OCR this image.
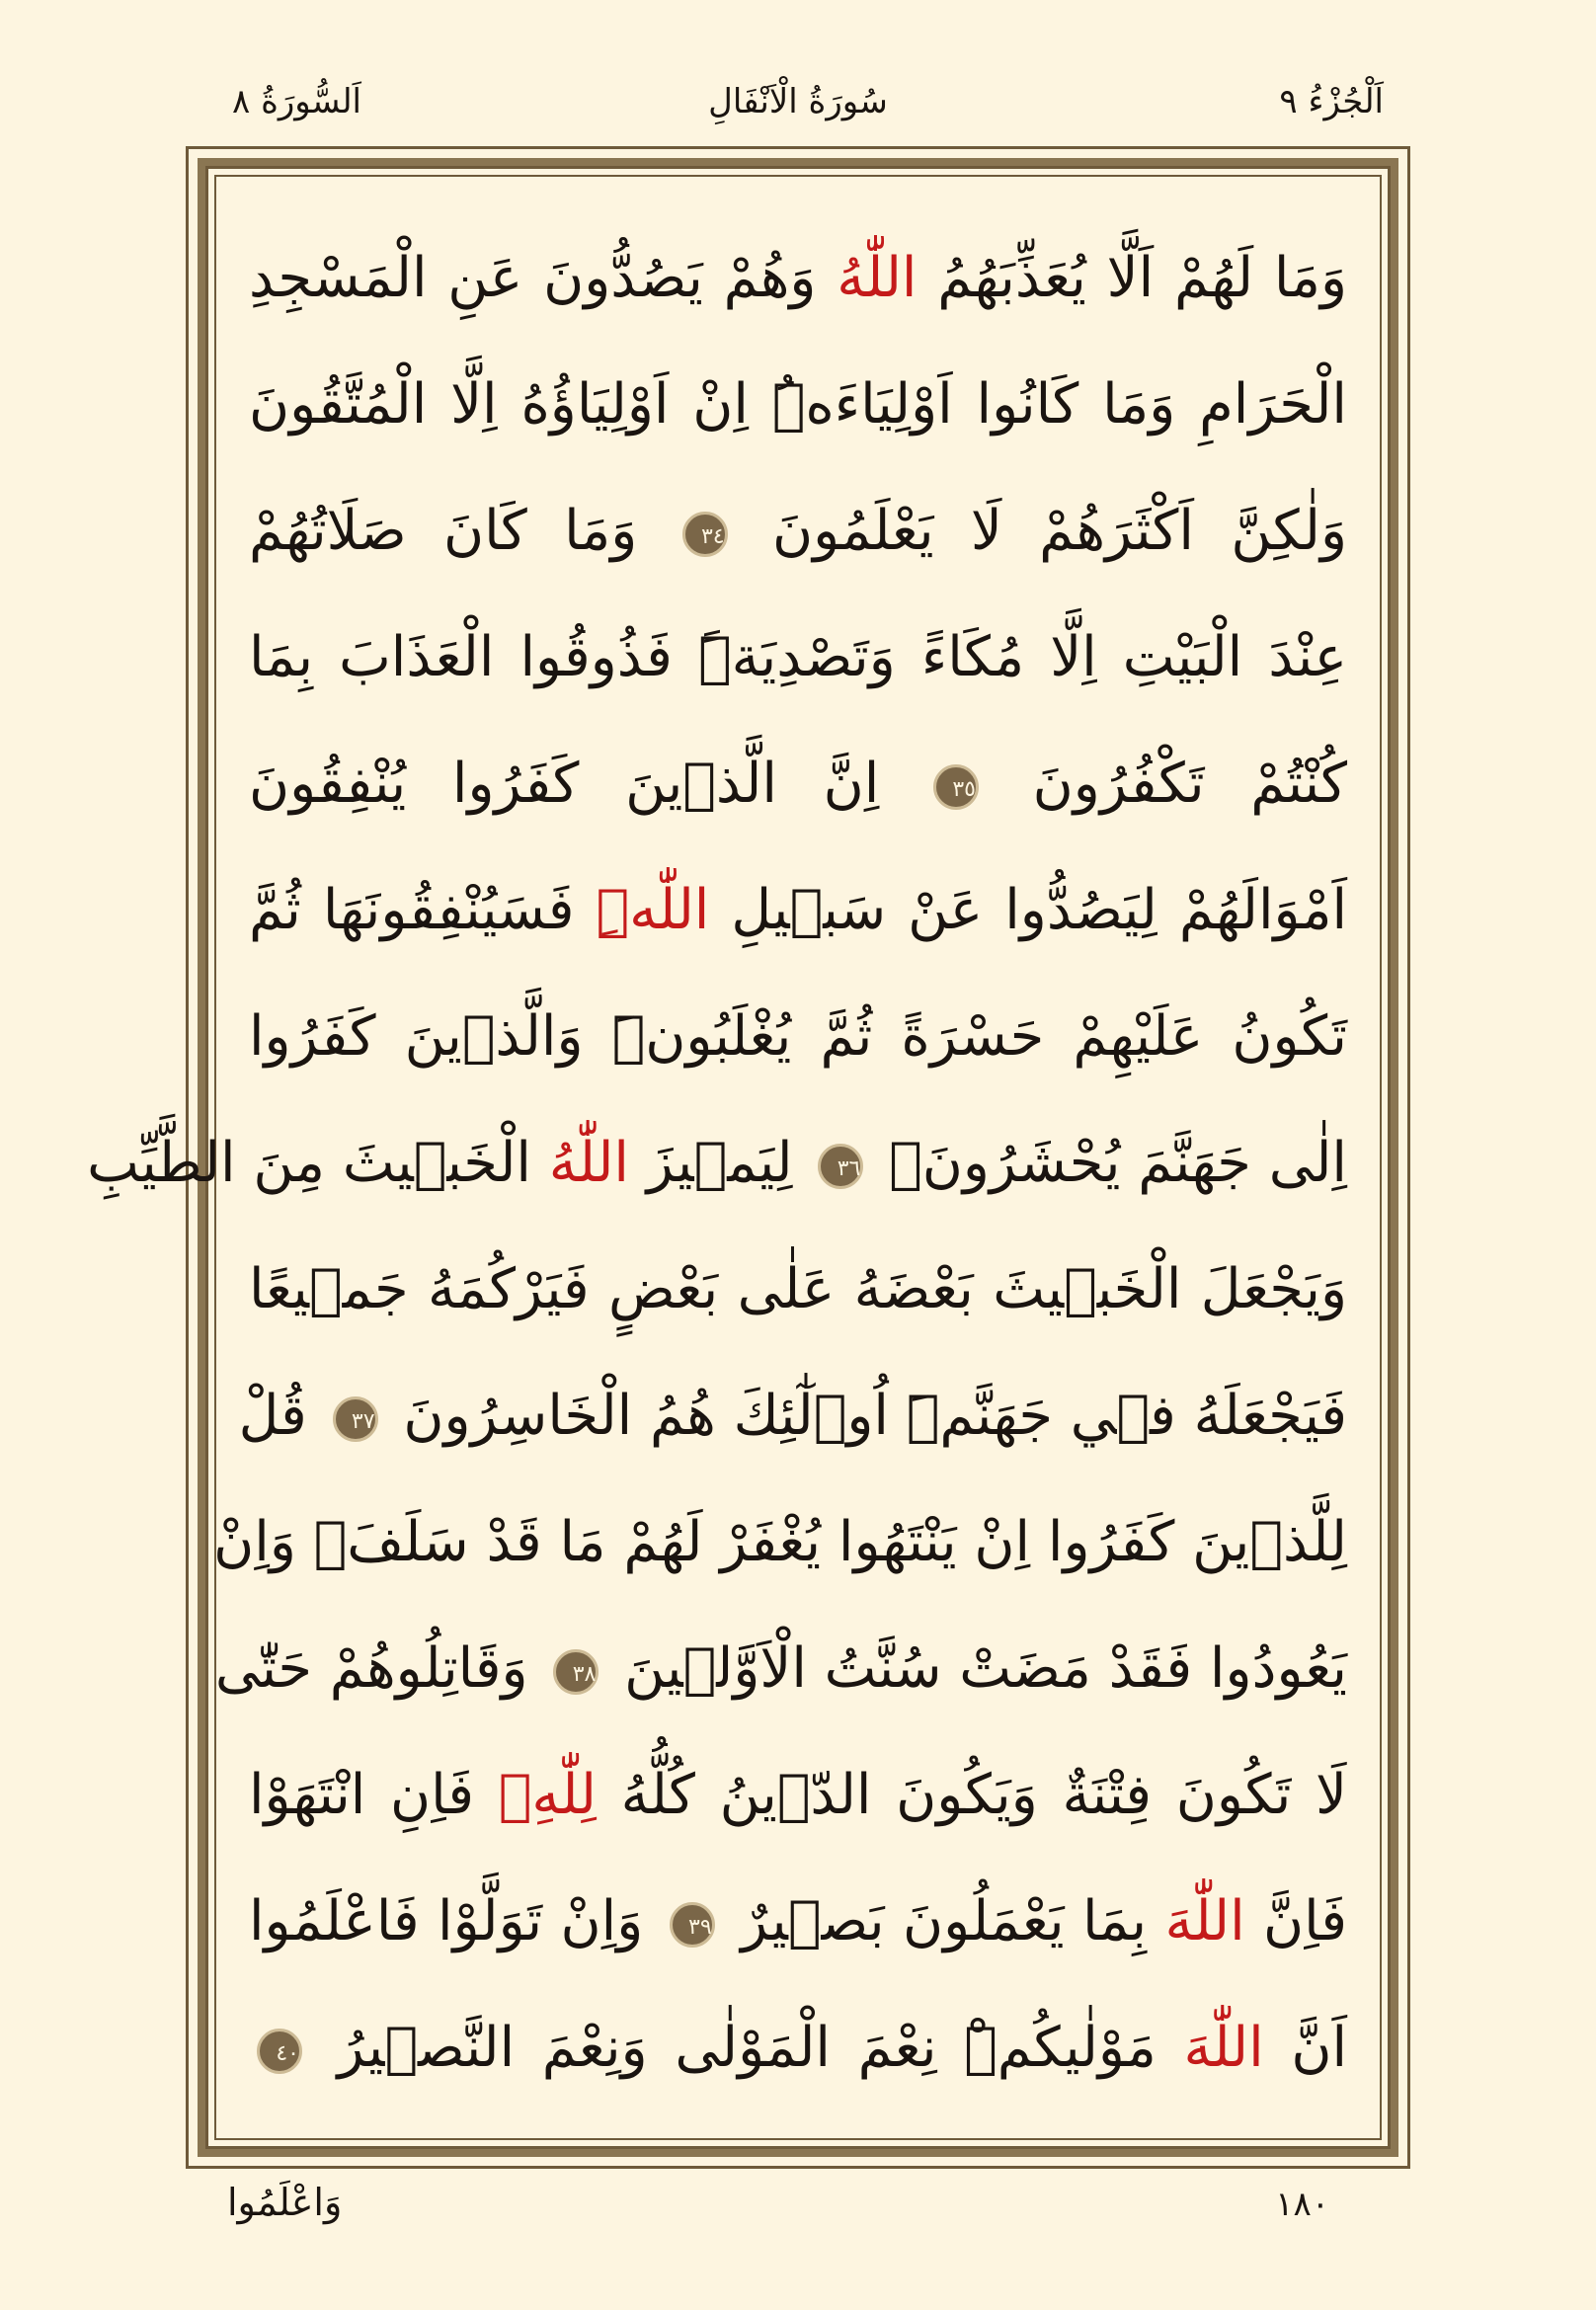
اَلْجُزْءُ ٩
سُورَةُ الْاَنْفَالِ
اَلسُّورَةُ ٨
وَمَا لَهُمْ اَلَّا يُعَذِّبَهُمُ اللّٰهُ وَهُمْ يَصُدُّونَ عَنِ الْمَسْجِدِ
الْحَرَامِ وَمَا كَانُوا اَوْلِيَاءَهُۜ اِنْ اَوْلِيَاؤُهُ اِلَّا الْمُتَّقُونَ
وَلٰكِنَّ اَكْثَرَهُمْ لَا يَعْلَمُونَ ٣٤ وَمَا كَانَ صَلَاتُهُمْ
عِنْدَ الْبَيْتِ اِلَّا مُكَاءً وَتَصْدِيَةًۜ فَذُوقُوا الْعَذَابَ بِمَا
كُنْتُمْ تَكْفُرُونَ ٣٥ اِنَّ الَّذ۪ينَ كَفَرُوا يُنْفِقُونَ
اَمْوَالَهُمْ لِيَصُدُّوا عَنْ سَب۪يلِ اللّٰهِۜ فَسَيُنْفِقُونَهَا ثُمَّ
تَكُونُ عَلَيْهِمْ حَسْرَةً ثُمَّ يُغْلَبُونَۜ وَالَّذ۪ينَ كَفَرُوا
اِلٰى جَهَنَّمَ يُحْشَرُونَۙ ٣٦ لِيَم۪يزَ اللّٰهُ الْخَب۪يثَ مِنَ الطَّيِّبِ
وَيَجْعَلَ الْخَب۪يثَ بَعْضَهُ عَلٰى بَعْضٍ فَيَرْكُمَهُ جَم۪يعًا
فَيَجْعَلَهُ ف۪ي جَهَنَّمَۜ اُو۬لٰٓئِكَ هُمُ الْخَاسِرُونَ ٣٧ قُلْ
لِلَّذ۪ينَ كَفَرُوا اِنْ يَنْتَهُوا يُغْفَرْ لَهُمْ مَا قَدْ سَلَفَۚ وَاِنْ
يَعُودُوا فَقَدْ مَضَتْ سُنَّتُ الْاَوَّل۪ينَ ٣٨ وَقَاتِلُوهُمْ حَتّٰى
لَا تَكُونَ فِتْنَةٌ وَيَكُونَ الدّ۪ينُ كُلُّهُ لِلّٰهِۚ فَاِنِ انْتَهَوْا
فَاِنَّ اللّٰهَ بِمَا يَعْمَلُونَ بَص۪يرٌ ٣٩ وَاِنْ تَوَلَّوْا فَاعْلَمُوا
اَنَّ اللّٰهَ مَوْلٰيكُمْۜ نِعْمَ الْمَوْلٰى وَنِعْمَ النَّص۪يرُ ٤٠
وَاعْلَمُوا	١٨٠
